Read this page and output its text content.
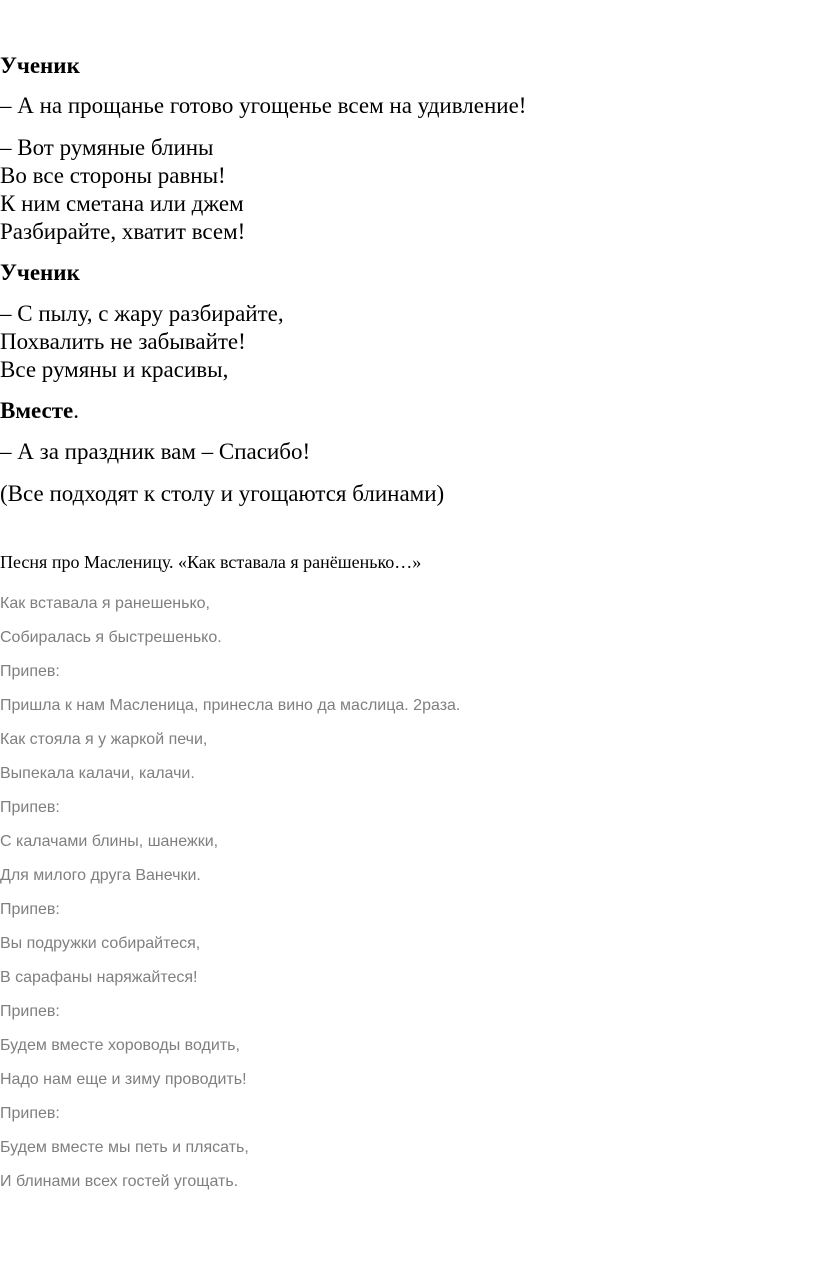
Ученик

– А на прощанье готово угощенье всем на удивление!

– Вот румяные блины

Во все стороны равны!

К ним сметана или джем

Разбирайте, хватит всем!

Ученик

– С пылу, с жару разбирайте,

Похвалить не забывайте!

Все румяны и красивы,

Вместе.

– А за праздник вам – Спасибо!

(Все подходят к столу и угощаются блинами)

Песня про Масленицу. «Как вставала я ранёшенько…»

Как вставала я ранешенько,

Собиралась я быстрешенько.

Припев:

Пришла к нам Масленица, принесла вино да маслица. 2раза.

Как стояла я у жаркой печи,

Выпекала калачи, калачи.

Припев:

С калачами блины, шанежки,

Для милого друга Ванечки.

Припев:

Вы подружки собирайтеся,

В сарафаны наряжайтеся!

Припев:

Будем вместе хороводы водить,

Надо нам еще и зиму проводить!

Припев:

Будем вместе мы петь и плясать,

И блинами всех гостей угощать.
